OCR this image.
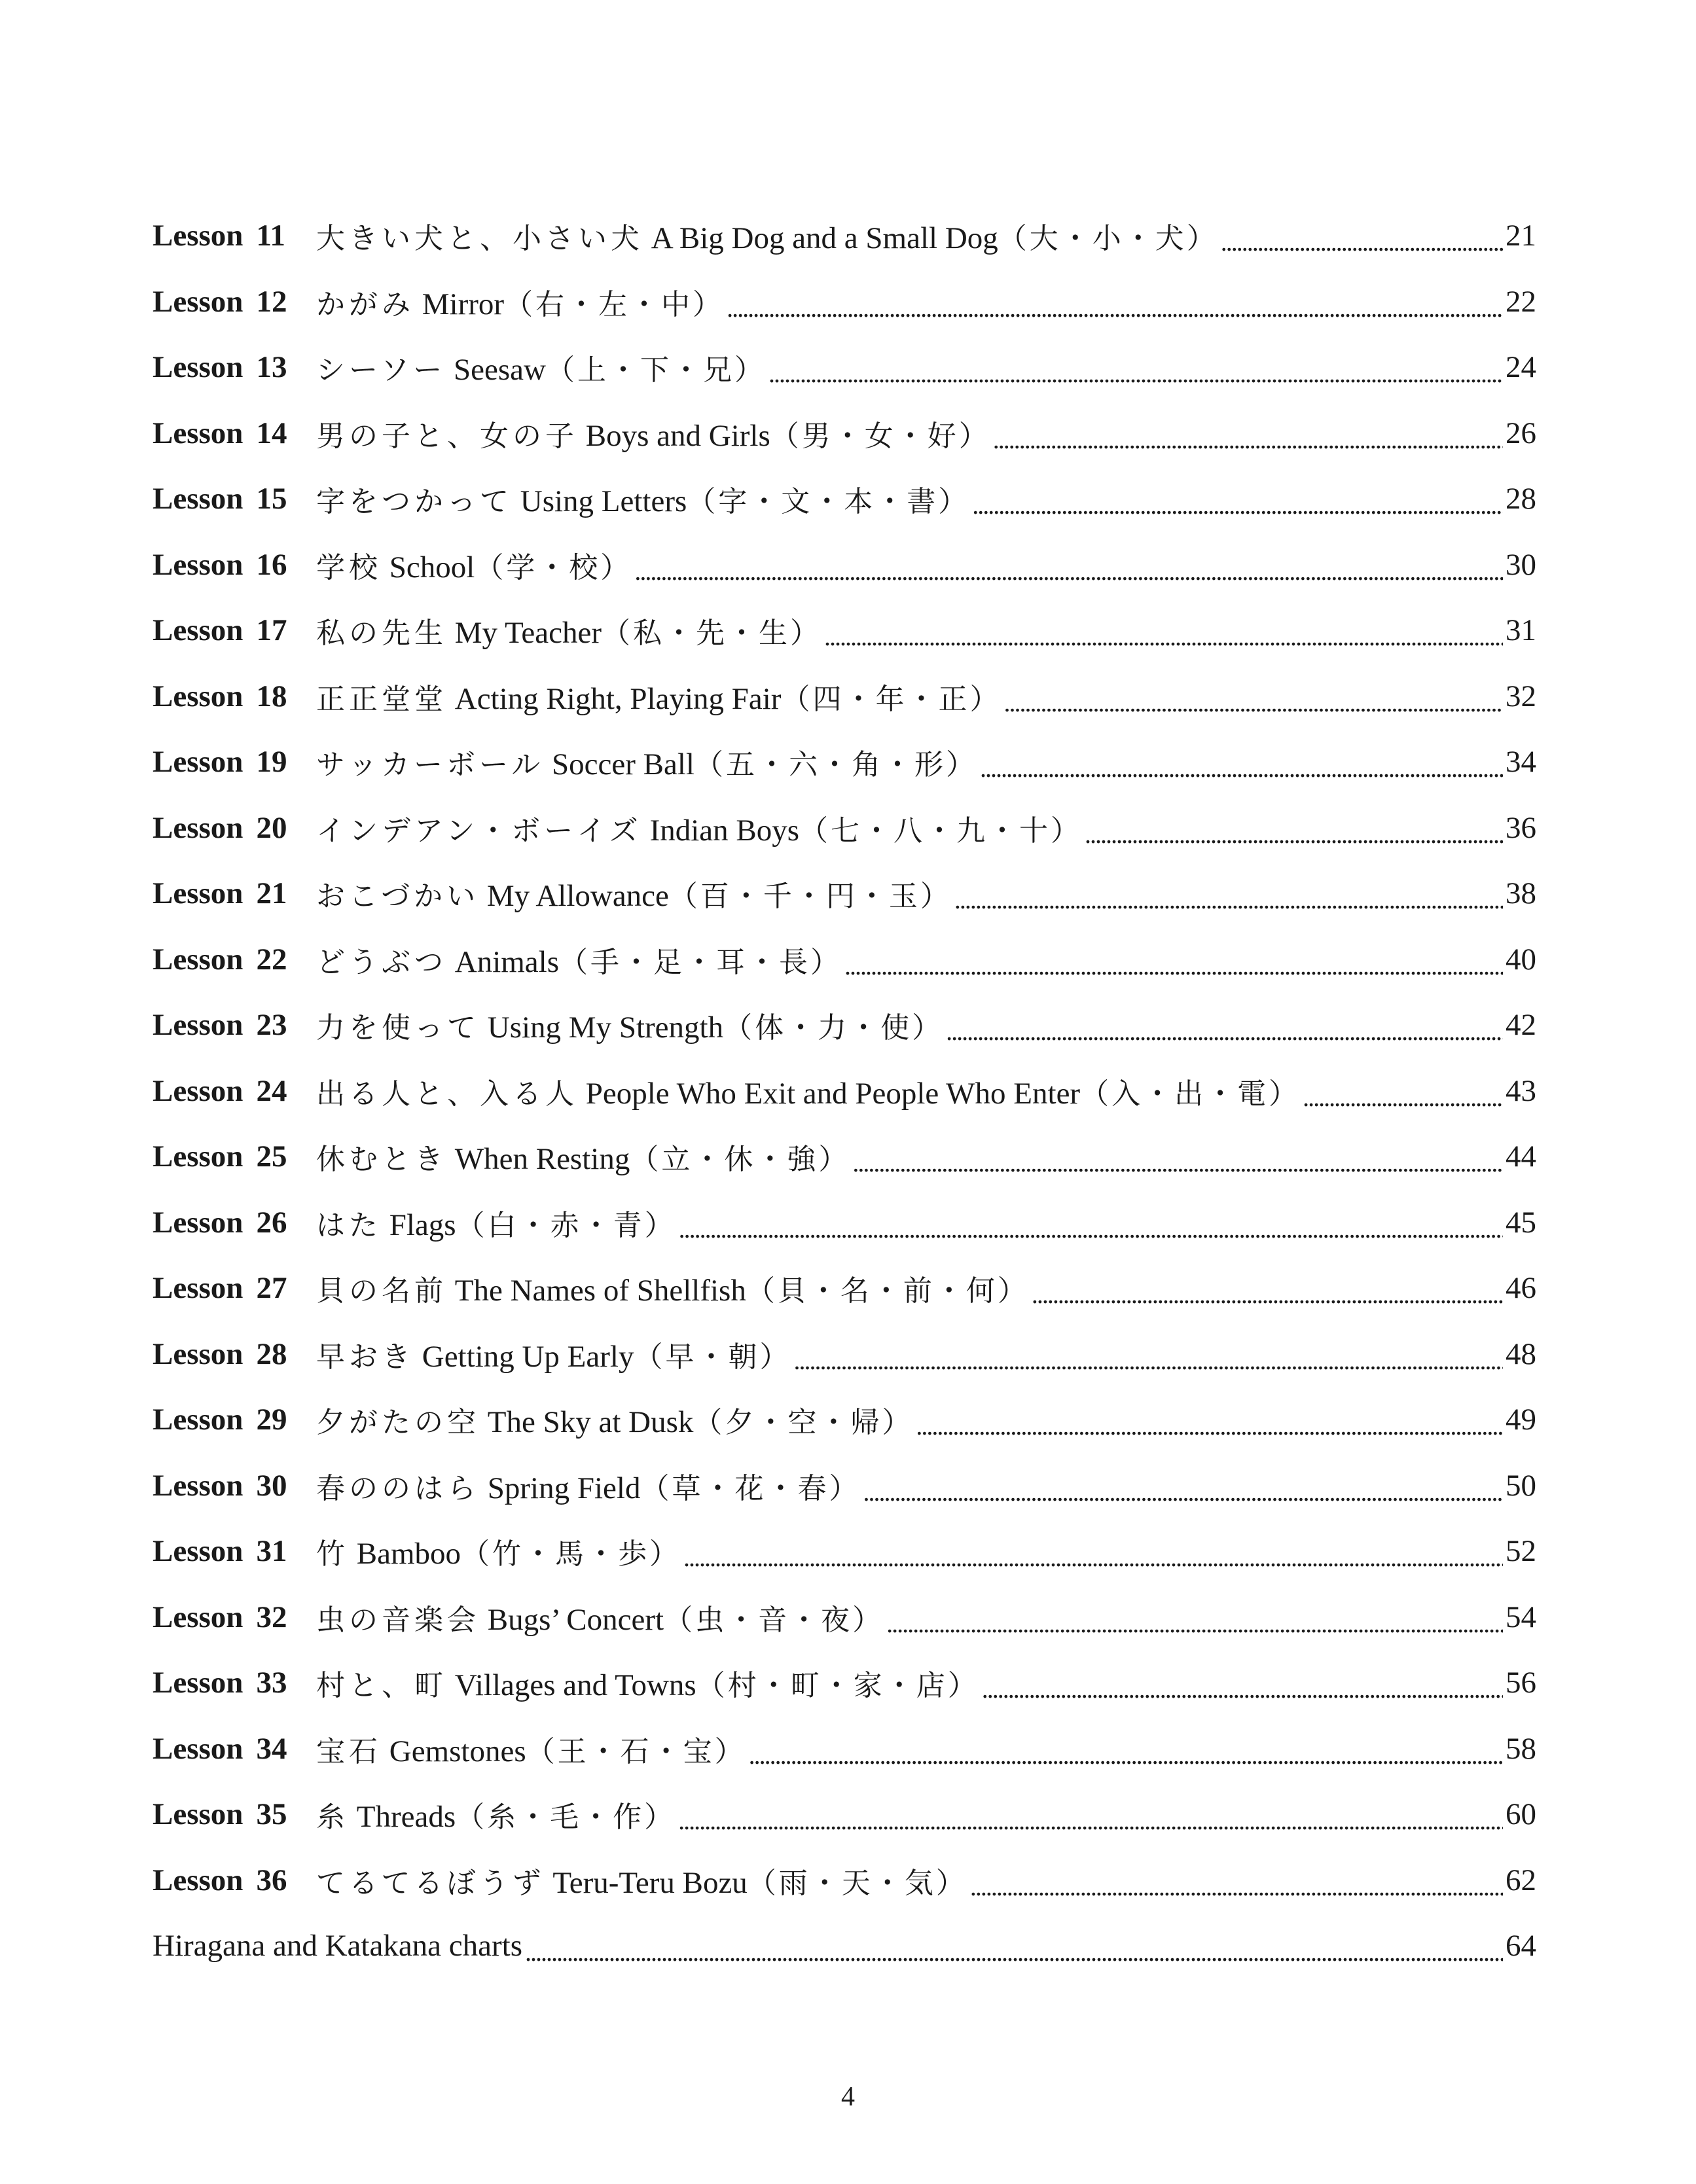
Lesson 11	大きい犬と、小さい犬 A Big Dog and a Small Dog（大・小・犬） . . .	21
Lesson 12	かがみ Mirror（右・左・中） . . .	22
Lesson 13	シーソー Seesaw（上・下・兄） . . .	24
Lesson 14	男の子と、女の子 Boys and Girls（男・女・好） . . .	26
Lesson 15	字をつかって Using Letters（字・文・本・書） . . .	28
Lesson 16	学校 School（学・校） . . .	30
Lesson 17	私の先生 My Teacher（私・先・生） . . .	31
Lesson 18	正正堂堂 Acting Right, Playing Fair（四・年・正） . . .	32
Lesson 19	サッカーボール Soccer Ball（五・六・角・形） . . .	34
Lesson 20	インデアン・ボーイズ Indian Boys（七・八・九・十） . . .	36
Lesson 21	おこづかい My Allowance（百・千・円・玉） . . .	38
Lesson 22	どうぶつ Animals（手・足・耳・長） . . .	40
Lesson 23	力を使って Using My Strength（体・力・使） . . .	42
Lesson 24	出る人と、入る人 People Who Exit and People Who Enter（入・出・電） . . .	43
Lesson 25	休むとき When Resting（立・休・強） . . .	44
Lesson 26	はた Flags（白・赤・青） . . .	45
Lesson 27	貝の名前 The Names of Shellfish（貝・名・前・何） . . .	46
Lesson 28	早おき Getting Up Early（早・朝） . . .	48
Lesson 29	夕がたの空 The Sky at Dusk（夕・空・帰） . . .	49
Lesson 30	春ののはら Spring Field（草・花・春） . . .	50
Lesson 31	竹 Bamboo（竹・馬・歩） . . .	52
Lesson 32	虫の音楽会 Bugs’ Concert（虫・音・夜） . . .	54
Lesson 33	村と、町 Villages and Towns（村・町・家・店） . . .	56
Lesson 34	宝石 Gemstones（王・石・宝） . . .	58
Lesson 35	糸 Threads（糸・毛・作） . . .	60
Lesson 36	てるてるぼうず Teru-Teru Bozu（雨・天・気） . . .	62
Hiragana and Katakana charts . . .	64
4
